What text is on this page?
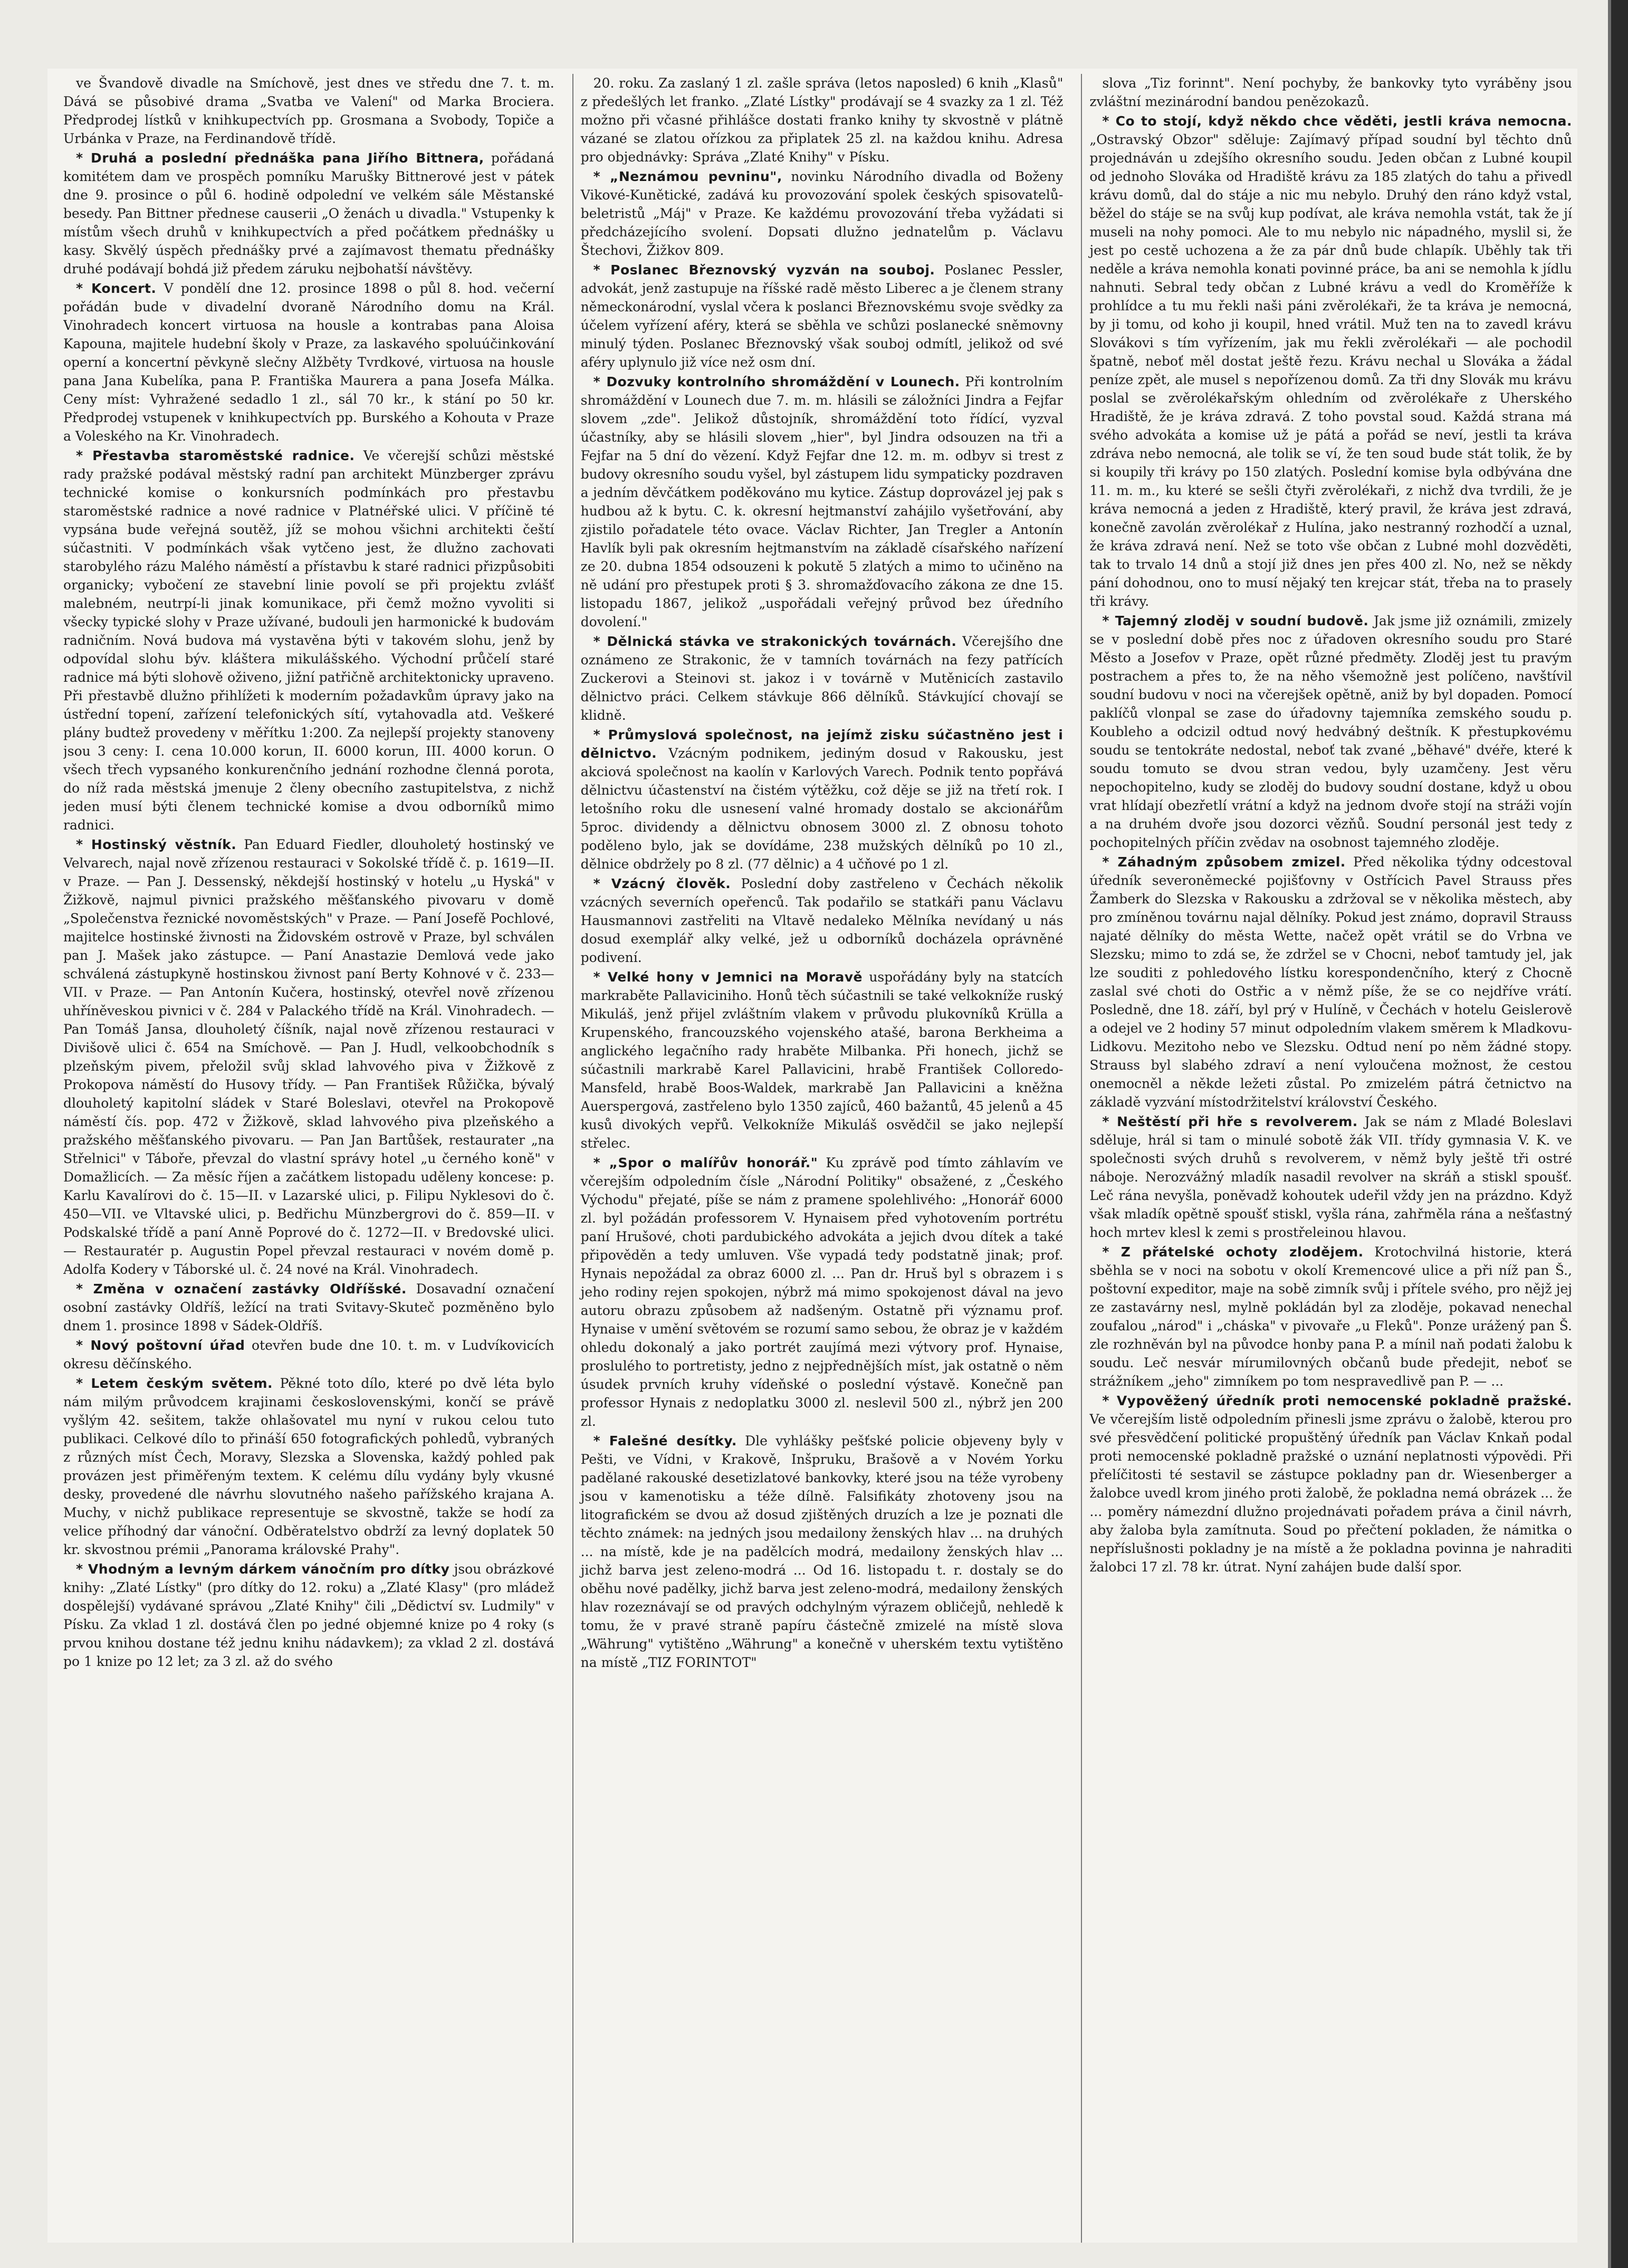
ve Švandově divadle na Smíchově, jest dnes ve středu dne 7. t. m. Dává se působivé drama „Svatba ve Valení" od Marka Brociera. Předprodej lístků v knihkupectvích pp. Grosmana a Svobody, Topiče a Urbánka v Praze, na Ferdinandově třídě.

* Druhá a poslední přednáška pana Jiřího Bittnera, pořádaná komitétem dam ve prospěch pomníku Marušky Bittnerové jest v pátek dne 9. prosince o půl 6. hodině odpolední ve velkém sále Městanské besedy. Pan Bittner přednese causerii „O ženách u divadla." Vstupenky k místům všech druhů v knihkupectvích a před počátkem přednášky u kasy. Skvělý úspěch přednášky prvé a zajímavost thematu přednášky druhé podávají bohdá již předem záruku nejbohatší návštěvy.

* Koncert. V pondělí dne 12. prosince 1898 o půl 8. hod. večerní pořádán bude v divadelní dvoraně Národního domu na Král. Vinohradech koncert virtuosa na housle a kontrabas pana Aloisa Kapouna, majitele hudební školy v Praze, za laskavého spoluúčinkování operní a koncertní pěvkyně slečny Alžběty Tvrdkové, virtuosa na housle pana Jana Kubelíka, pana P. Františka Maurera a pana Josefa Málka. Ceny míst: Vyhražené sedadlo 1 zl., sál 70 kr., k stání po 50 kr. Předprodej vstupenek v knihkupectvích pp. Burského a Kohouta v Praze a Voleského na Kr. Vinohradech.

* Přestavba staroměstské radnice. Ve včerejší schůzi městské rady pražské podával městský radní pan architekt Münzberger zprávu technické komise o konkursních podmínkách pro přestavbu staroměstské radnice a nové radnice v Platnéřské ulici. V příčině té vypsána bude veřejná soutěž, jíž se mohou všichni architekti čeští súčastniti. V podmínkách však vytčeno jest, že dlužno zachovati starobylého rázu Malého náměstí a přístavbu k staré radnici přizpůsobiti organicky; vybočení ze stavební linie povolí se při projektu zvlášť malebném, neutrpí-li jinak komunikace, při čemž možno vyvoliti si všecky typické slohy v Praze užívané, budouli jen harmonické k budovám radničním. Nová budova má vystavěna býti v takovém slohu, jenž by odpovídal slohu býv. kláštera mikulášského. Východní průčelí staré radnice má býti slohově oživeno, jižní patřičně architektonicky upraveno. Při přestavbě dlužno přihlížeti k moderním požadavkům úpravy jako na ústřední topení, zařízení telefonických sítí, vytahovadla atd. Veškeré plány budtež provedeny v měřítku 1:200. Za nejlepší projekty stanoveny jsou 3 ceny: I. cena 10.000 korun, II. 6000 korun, III. 4000 korun. O všech třech vypsaného konkurenčního jednání rozhodne členná porota, do níž rada městská jmenuje 2 členy obecního zastupitelstva, z nichž jeden musí býti členem technické komise a dvou odborníků mimo radnici.

* Hostinský věstník. Pan Eduard Fiedler, dlouholetý hostinský ve Velvarech, najal nově zřízenou restauraci v Sokolské třídě č. p. 1619—II. v Praze. — Pan J. Dessenský, někdejší hostinský v hotelu „u Hyská" v Žižkově, najmul pivnici pražského měšťanského pivovaru v domě „Společenstva řeznické novoměstských" v Praze. — Paní Josefě Pochlové, majitelce hostinské živnosti na Židovském ostrově v Praze, byl schválen pan J. Mašek jako zástupce. — Paní Anastazie Demlová vede jako schválená zástupkyně hostinskou živnost paní Berty Kohnové v č. 233—VII. v Praze. — Pan Antonín Kučera, hostinský, otevřel nově zřízenou uhříněveskou pivnici v č. 284 v Palackého třídě na Král. Vinohradech. — Pan Tomáš Jansa, dlouholetý číšník, najal nově zřízenou restauraci v Divišově ulici č. 654 na Smíchově. — Pan J. Hudl, velkoobchodník s plzeňským pivem, přeložil svůj sklad lahvového piva v Žižkově z Prokopova náměstí do Husovy třídy. — Pan František Růžička, bývalý dlouholetý kapitolní sládek v Staré Boleslavi, otevřel na Prokopově náměstí čís. pop. 472 v Žižkově, sklad lahvového piva plzeňského a pražského měšťanského pivovaru. — Pan Jan Bartůšek, restaurater „na Střelnici" v Táboře, převzal do vlastní správy hotel „u černého koně" v Domažlicích. — Za měsíc říjen a začátkem listopadu uděleny koncese: p. Karlu Kavalírovi do č. 15—II. v Lazarské ulici, p. Filipu Nyklesovi do č. 450—VII. ve Vltavské ulici, p. Bedřichu Münzbergrovi do č. 859—II. v Podskalské třídě a paní Anně Poprové do č. 1272—II. v Bredovské ulici. — Restauratér p. Augustin Popel převzal restauraci v novém domě p. Adolfa Kodery v Táborské ul. č. 24 nové na Král. Vinohradech.

* Změna v označení zastávky Oldříšské. Dosavadní označení osobní zastávky Oldříš, ležící na trati Svitavy-Skuteč pozměněno bylo dnem 1. prosince 1898 v Sádek-Oldříš.

* Nový poštovní úřad otevřen bude dne 10. t. m. v Ludvíkovicích okresu děčínského.

* Letem českým světem. Pěkné toto dílo, které po dvě léta bylo nám milým průvodcem krajinami československými, končí se právě vyšlým 42. sešitem, takže ohlašovatel mu nyní v rukou celou tuto publikaci. Celkové dílo to přináší 650 fotografických pohledů, vybraných z různých míst Čech, Moravy, Slezska a Slovenska, každý pohled pak provázen jest přiměřeným textem. K celému dílu vydány byly vkusné desky, provedené dle návrhu slovutného našeho pařížského krajana A. Muchy, v nichž publikace representuje se skvostně, takže se hodí za velice příhodný dar vánoční. Odběratelstvo obdrží za levný doplatek 50 kr. skvostnou prémii „Panorama královské Prahy".

* Vhodným a levným dárkem vánočním pro dítky jsou obrázkové knihy: „Zlaté Lístky" (pro dítky do 12. roku) a „Zlaté Klasy" (pro mládež dospělejší) vydávané správou „Zlaté Knihy" čili „Dědictví sv. Ludmily" v Písku. Za vklad 1 zl. dostává člen po jedné objemné knize po 4 roky (s prvou knihou dostane též jednu knihu nádavkem); za vklad 2 zl. dostává po 1 knize po 12 let; za 3 zl. až do svého

20. roku. Za zaslaný 1 zl. zašle správa (letos naposled) 6 knih „Klasů" z předešlých let franko. „Zlaté Lístky" prodávají se 4 svazky za 1 zl. Též možno při včasné přihlášce dostati franko knihy ty skvostně v plátně vázané se zlatou ořízkou za připlatek 25 zl. na každou knihu. Adresa pro objednávky: Správa „Zlaté Knihy" v Písku.

* „Neznámou pevninu", novinku Národního divadla od Boženy Vikové-Kunětické, zadává ku provozování spolek českých spisovatelů-beletristů „Máj" v Praze. Ke každému provozování třeba vyžádati si předcházejícího svolení. Dopsati dlužno jednatelům p. Václavu Štechovi, Žižkov 809.

* Poslanec Březnovský vyzván na souboj. Poslanec Pessler, advokát, jenž zastupuje na říšské radě město Liberec a je členem strany německonárodní, vyslal včera k poslanci Březnovskému svoje svědky za účelem vyřízení aféry, která se sběhla ve schůzi poslanecké sněmovny minulý týden. Poslanec Březnovský však souboj odmítl, jelikož od své aféry uplynulo již více než osm dní.

* Dozvuky kontrolního shromáždění v Lounech. Při kontrolním shromáždění v Lounech due 7. m. m. hlásili se záložníci Jindra a Fejfar slovem „zde". Jelikož důstojník, shromáždění toto řídící, vyzval účastníky, aby se hlásili slovem „hier", byl Jindra odsouzen na tři a Fejfar na 5 dní do vězení. Když Fejfar dne 12. m. m. odbyv si trest z budovy okresního soudu vyšel, byl zástupem lidu sympaticky pozdraven a jedním děvčátkem poděkováno mu kytice. Zástup doprovázel jej pak s hudbou až k bytu. C. k. okresní hejtmanství zahájilo vyšetřování, aby zjistilo pořadatele této ovace. Václav Richter, Jan Tregler a Antonín Havlík byli pak okresním hejtmanstvím na základě císařského nařízení ze 20. dubna 1854 odsouzeni k pokutě 5 zlatých a mimo to učiněno na ně udání pro přestupek proti § 3. shromažďovacího zákona ze dne 15. listopadu 1867, jelikož „uspořádali veřejný průvod bez úředního dovolení."

* Dělnická stávka ve strakonických továrnách. Včerejšího dne oznámeno ze Strakonic, že v tamních továrnách na fezy patřících Zuckerovi a Steinovi st. jakoz i v továrně v Mutěnicích zastavilo dělnictvo práci. Celkem stávkuje 866 dělníků. Stávkující chovají se klidně.

* Průmyslová společnost, na jejímž zisku súčastněno jest i dělnictvo. Vzácným podnikem, jediným dosud v Rakousku, jest akciová společnost na kaolín v Karlových Varech. Podnik tento popřává dělnictvu účastenství na čistém výtěžku, což děje se již na třetí rok. I letošního roku dle usnesení valné hromady dostalo se akcionářům 5proc. dividendy a dělnictvu obnosem 3000 zl. Z obnosu tohoto poděleno bylo, jak se dovídáme, 238 mužských dělníků po 10 zl., dělnice obdržely po 8 zl. (77 dělnic) a 4 učňové po 1 zl.

* Vzácný člověk. Poslední doby zastřeleno v Čechách několik vzácných severních opeřenců. Tak podařilo se statkáři panu Václavu Hausmannovi zastřeliti na Vltavě nedaleko Mělníka nevídaný u nás dosud exemplář alky velké, jež u odborníků docházela oprávněné podivení.

* Velké hony v Jemnici na Moravě uspořádány byly na statcích markraběte Pallaviciniho. Honů těch súčastnili se také velkokníže ruský Mikuláš, jenž přijel zvláštním vlakem v průvodu plukovníků Krülla a Krupenského, francouzského vojenského atašé, barona Berkheima a anglického legačního rady hraběte Milbanka. Při honech, jichž se súčastnili markrabě Karel Pallavicini, hrabě František Colloredo-Mansfeld, hrabě Boos-Waldek, markrabě Jan Pallavicini a kněžna Auerspergová, zastřeleno bylo 1350 zajíců, 460 bažantů, 45 jelenů a 45 kusů divokých vepřů. Velkokníže Mikuláš osvědčil se jako nejlepší střelec.

* „Spor o malířův honorář." Ku zprávě pod tímto záhlavím ve včerejším odpoledním čísle „Národní Politiky" obsažené, z „Českého Východu" přejaté, píše se nám z pramene spolehlivého: „Honorář 6000 zl. byl požádán professorem V. Hynaisem před vyhotovením portrétu paní Hrušové, choti pardubického advokáta a jejich dvou dítek a také připověděn a tedy umluven. Vše vypadá tedy podstatně jinak; prof. Hynais nepožádal za obraz 6000 zl. ... Pan dr. Hruš byl s obrazem i s jeho rodiny rejen spokojen, nýbrž má mimo spokojenost dával na jevo autoru obrazu způsobem až nadšeným. Ostatně při významu prof. Hynaise v umění světovém se rozumí samo sebou, že obraz je v každém ohledu dokonalý a jako portrét zaujímá mezi výtvory prof. Hynaise, proslulého to portretisty, jedno z nejpřednějších míst, jak ostatně o něm úsudek prvních kruhy vídeňské o poslední výstavě. Konečně pan professor Hynais z nedoplatku 3000 zl. neslevil 500 zl., nýbrž jen 200 zl.

* Falešné desítky. Dle vyhlášky pešťské policie objeveny byly v Pešti, ve Vídni, v Krakově, Inšpruku, Brašově a v Novém Yorku padělané rakouské desetizlatové bankovky, které jsou na téže vyrobeny jsou v kamenotisku a téže dílně. Falsifikáty zhotoveny jsou na litografickém se dvou až dosud zjištěných druzích a lze je poznati dle těchto známek: na jedných jsou medailony ženských hlav ... na druhých ... na místě, kde je na padělcích modrá, medailony ženských hlav ... jichž barva jest zeleno-modrá ... Od 16. listopadu t. r. dostaly se do oběhu nové padělky, jichž barva jest zeleno-modrá, medailony ženských hlav rozeznávají se od pravých odchylným výrazem obličejů, nehledě k tomu, že v pravé straně papíru částečně zmizelé na místě slova „Währung" vytištěno „Währung" a konečně v uherském textu vytištěno na místě „TIZ FORINTOT"

slova „Tiz forinnt". Není pochyby, že bankovky tyto vyráběny jsou zvláštní mezinárodní bandou penězokazů.

* Co to stojí, když někdo chce věděti, jestli kráva nemocna. „Ostravský Obzor" sděluje: Zajímavý případ soudní byl těchto dnů projednáván u zdejšího okresního soudu. Jeden občan z Lubné koupil od jednoho Slováka od Hradiště krávu za 185 zlatých do tahu a přivedl krávu domů, dal do stáje a nic mu nebylo. Druhý den ráno když vstal, běžel do stáje se na svůj kup podívat, ale kráva nemohla vstát, tak že jí museli na nohy pomoci. Ale to mu nebylo nic nápadného, myslil si, že jest po cestě uchozena a že za pár dnů bude chlapík. Uběhly tak tři neděle a kráva nemohla konati povinné práce, ba ani se nemohla k jídlu nahnuti. Sebral tedy občan z Lubné krávu a vedl do Kroměříže k prohlídce a tu mu řekli naši páni zvěrolékaři, že ta kráva je nemocná, by ji tomu, od koho ji koupil, hned vrátil. Muž ten na to zavedl krávu Slovákovi s tím vyřízením, jak mu řekli zvěrolékaři — ale pochodil špatně, neboť měl dostat ještě řezu. Krávu nechal u Slováka a žádal peníze zpět, ale musel s nepořízenou domů. Za tři dny Slovák mu krávu poslal se zvěrolékařským ohledním od zvěrolékaře z Uherského Hradiště, že je kráva zdravá. Z toho povstal soud. Každá strana má svého advokáta a komise už je pátá a pořád se neví, jestli ta kráva zdráva nebo nemocná, ale tolik se ví, že ten soud bude stát tolik, že by si koupily tři krávy po 150 zlatých. Poslední komise byla odbývána dne 11. m. m., ku které se sešli čtyři zvěrolékaři, z nichž dva tvrdili, že je kráva nemocná a jeden z Hradiště, který pravil, že kráva jest zdravá, konečně zavolán zvěrolékař z Hulína, jako nestranný rozhodčí a uznal, že kráva zdravá není. Než se toto vše občan z Lubné mohl dozvěděti, tak to trvalo 14 dnů a stojí již dnes jen přes 400 zl. No, než se někdy pání dohodnou, ono to musí nějaký ten krejcar stát, třeba na to prasely tři krávy.

* Tajemný zloděj v soudní budově. Jak jsme již oznámili, zmizely se v poslední době přes noc z úřadoven okresního soudu pro Staré Město a Josefov v Praze, opět různé předměty. Zloděj jest tu pravým postrachem a přes to, že na něho všemožně jest políčeno, navštívil soudní budovu v noci na včerejšek opětně, aniž by byl dopaden. Pomocí paklíčů vlonpal se zase do úřadovny tajemníka zemského soudu p. Koubleho a odcizil odtud nový hedvábný deštník. K přestupkovému soudu se tentokráte nedostal, neboť tak zvané „běhavé" dvéře, které k soudu tomuto se dvou stran vedou, byly uzamčeny. Jest věru nepochopitelno, kudy se zloděj do budovy soudní dostane, když u obou vrat hlídají obezřetlí vrátní a když na jednom dvoře stojí na stráži vojín a na druhém dvoře jsou dozorci vězňů. Soudní personál jest tedy z pochopitelných příčin zvědav na osobnost tajemného zloděje.

* Záhadným způsobem zmizel. Před několika týdny odcestoval úředník severoněmecké pojišťovny v Ostřícich Pavel Strauss přes Žamberk do Slezska v Rakousku a zdržoval se v několika městech, aby pro zmíněnou továrnu najal dělníky. Pokud jest známo, dopravil Strauss najaté dělníky do města Wette, načež opět vrátil se do Vrbna ve Slezsku; mimo to zdá se, že zdržel se v Chocni, neboť tamtudy jel, jak lze souditi z pohledového lístku korespondenčního, který z Chocně zaslal své choti do Ostřic a v němž píše, že se co nejdříve vrátí. Posledně, dne 18. září, byl prý v Hulíně, v Čechách v hotelu Geislerově a odejel ve 2 hodiny 57 minut odpoledním vlakem směrem k Mladkovu-Lidkovu. Mezitoho nebo ve Slezsku. Odtud není po něm žádné stopy. Strauss byl slabého zdraví a není vyloučena možnost, že cestou onemocněl a někde ležeti zůstal. Po zmizelém pátrá četnictvo na základě vyzvání místodržitelství království Českého.

* Neštěstí při hře s revolverem. Jak se nám z Mladé Boleslavi sděluje, hrál si tam o minulé sobotě žák VII. třídy gymnasia V. K. ve společnosti svých druhů s revolverem, v němž byly ještě tři ostré náboje. Nerozvážný mladík nasadil revolver na skráň a stiskl spoušť. Leč rána nevyšla, poněvadž kohoutek udeřil vždy jen na prázdno. Když však mladík opětně spoušť stiskl, vyšla rána, zahřměla rána a nešťastný hoch mrtev klesl k zemi s prostřeleinou hlavou.

* Z přátelské ochoty zlodějem. Krotochvilná historie, která sběhla se v noci na sobotu v okolí Kremencové ulice a při níž pan Š., poštovní expeditor, maje na sobě zimník svůj i přítele svého, pro nějž jej ze zastavárny nesl, mylně pokládán byl za zloděje, pokavad nenechal zoufalou „národ" i „cháska" v pivovaře „u Fleků". Ponze urážený pan Š. zle rozhněván byl na původce honby pana P. a mínil naň podati žalobu k soudu. Leč nesvár mírumilovných občanů bude předejit, neboť se strážníkem „jeho" zimníkem po tom nespravedlivě pan P. — ...

* Vypověžený úředník proti nemocenské pokladně pražské. Ve včerejším listě odpoledním přinesli jsme zprávu o žalobě, kterou pro své přesvědčení politické propuštěný úředník pan Václav Knkaň podal proti nemocenské pokladně pražské o uznání neplatnosti výpovědi. Při přelíčitosti té sestavil se zástupce pokladny pan dr. Wiesenberger a žalobce uvedl krom jiného proti žalobě, že pokladna nemá obrázek ... že ... poměry námezdní dlužno projednávati pořadem práva a činil návrh, aby žaloba byla zamítnuta. Soud po přečtení pokladen, že námitka o nepříslušnosti pokladny je na místě a že pokladna povinna je nahraditi žalobci 17 zl. 78 kr. útrat. Nyní zahájen bude další spor.
